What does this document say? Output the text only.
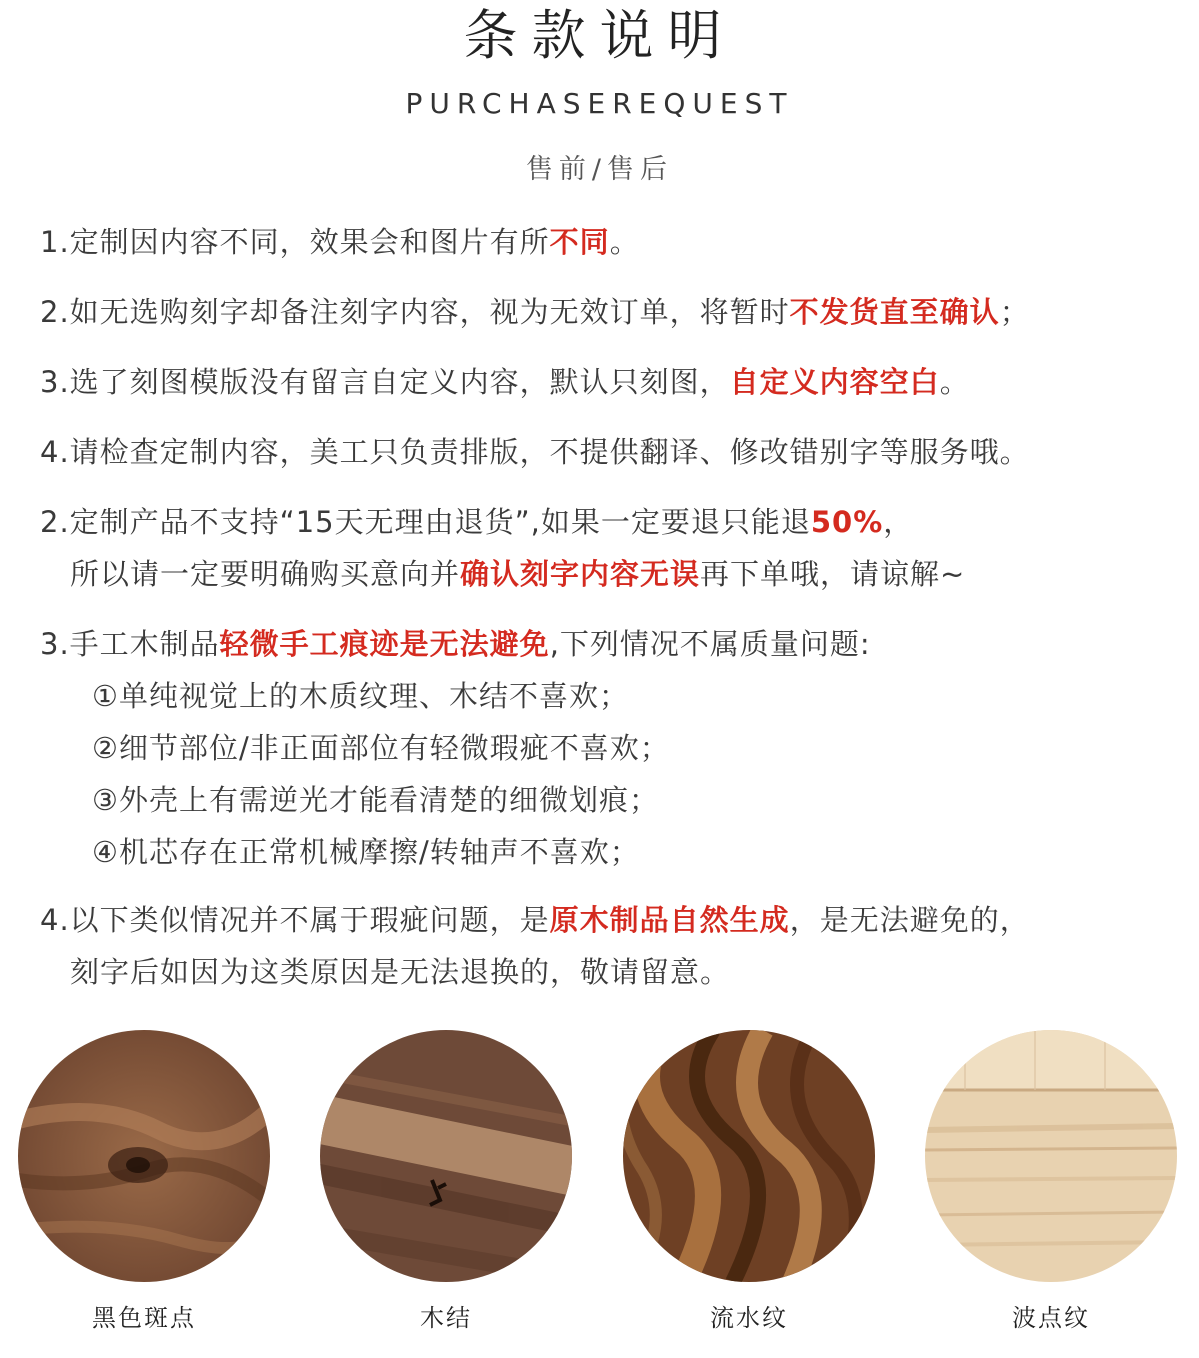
条款说明
PURCHASEREQUEST
售前/售后
1.定制因内容不同，效果会和图片有所不同。
2.如无选购刻字却备注刻字内容，视为无效订单，将暂时不发货直至确认；
3.选了刻图模版没有留言自定义内容，默认只刻图，自定义内容空白。
4.请检查定制内容，美工只负责排版，不提供翻译、修改错别字等服务哦。
2.定制产品不支持“15天无理由退货”,如果一定要退只能退50%，
所以请一定要明确购买意向并确认刻字内容无误再下单哦，请谅解~
3.手工木制品轻微手工痕迹是无法避免,下列情况不属质量问题:
①单纯视觉上的木质纹理、木结不喜欢；
②细节部位/非正面部位有轻微瑕疵不喜欢；
③外壳上有需逆光才能看清楚的细微划痕；
④机芯存在正常机械摩擦/转轴声不喜欢；
4.以下类似情况并不属于瑕疵问题，是原木制品自然生成，是无法避免的，
刻字后如因为这类原因是无法退换的，敬请留意。
黑色斑点	木结	流水纹	波点纹
